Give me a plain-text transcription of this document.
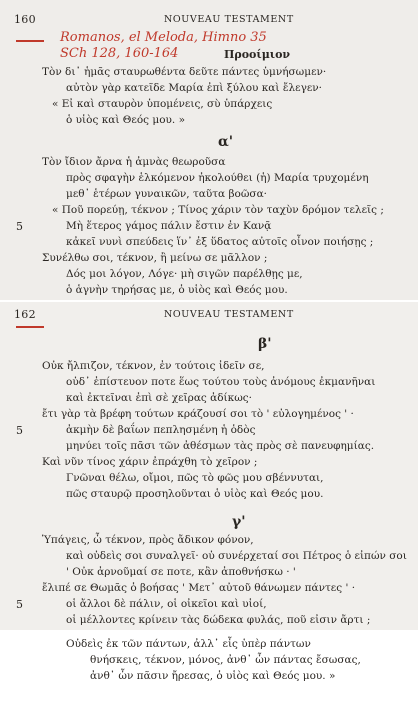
160	NOUVEAU TESTAMENT
Romanos, el Meloda, Himno 35
SCh 128, 160-164	Προοίμιον
Τὸν δι᾽ ἡμᾶς σταυρωθέντα δεῦτε πάντες ὑμνήσωμεν·
αὐτὸν γὰρ κατεῖδε Μαρία ἐπὶ ξύλου καὶ ἔλεγεν·
« Εἰ καὶ σταυρὸν ὑπομένεις, σὺ ὑπάρχεις
ὁ υἱὸς καὶ Θεός μου. »
α'
Τὸν ἴδιον ἄρνα ἡ ἀμνὰς θεωροῦσα
πρὸς σφαγὴν ἑλκόμενον ἠκολούθει (ἡ) Μαρία τρυχομένη
μεθ᾽ ἑτέρων γυναικῶν, ταῦτα βοῶσα·
« Ποῦ πορεύῃ, τέκνον ; Τίνος χάριν τὸν ταχὺν δρόμον τελεῖς ;
Μὴ ἕτερος γάμος πάλιν ἔστιν ἐν Κανᾷ
5
κἀκεῖ νυνὶ σπεύδεις ἵν᾽ ἐξ ὕδατος αὐτοῖς οἶνον ποιήσῃς ;
Συνέλθω σοι, τέκνον, ἢ μείνω σε μᾶλλον ;
Δός μοι λόγον, Λόγε· μὴ σιγῶν παρέλθῃς με,
ὁ ἁγνὴν τηρήσας με, ὁ υἱὸς καὶ Θεός μου.
162	NOUVEAU TESTAMENT
β'
Οὐκ ἤλπιζον, τέκνον, ἐν τούτοις ἰδεῖν σε,
οὐδ᾽ ἐπίστευον ποτε ἕως τούτου τοὺς ἀνόμους ἐκμανῆναι
καὶ ἐκτεῖναι ἐπὶ σὲ χεῖρας ἀδίκως·
ἔτι γὰρ τὰ βρέφη τούτων κράζουσί σοι τὸ ' εὐλογημένος ' ·
ἀκμὴν δὲ βαΐων πεπλησμένη ἡ ὁδὸς
5
μηνύει τοῖς πᾶσι τῶν ἀθέσμων τὰς πρὸς σὲ πανευφημίας.
Καὶ νῦν τίνος χάριν ἐπράχθη τὸ χεῖρον ;
Γνῶναι θέλω, οἴμοι, πῶς τὸ φῶς μου σβέννυται,
πῶς σταυρῷ προσηλοῦνται ὁ υἱὸς καὶ Θεός μου.
γ'
Ὑπάγεις, ὦ τέκνον, πρὸς ἄδικον φόνον,
καὶ οὐδεὶς σοι συναλγεῖ· οὐ συνέρχεταί σοι Πέτρος ὁ εἰπών σοι
' Οὐκ ἀρνοῦμαί σε ποτε, κἂν ἀποθνήσκω · '
ἔλιπέ σε Θωμᾶς ὁ βοήσας ' Μετ᾽ αὐτοῦ θάνωμεν πάντες ' ·
οἱ ἄλλοι δὲ πάλιν, οἱ οἰκεῖοι καὶ υἱοί,
5
οἱ μέλλοντες κρίνειν τὰς δώδεκα φυλάς, ποῦ εἰσιν ἄρτι ;
Οὐδεὶς ἐκ τῶν πάντων, ἀλλ᾽ εἷς ὑπὲρ πάντων
θνήσκεις, τέκνον, μόνος, ἀνθ᾽ ὧν πάντας ἔσωσας,
ἀνθ᾽ ὧν πᾶσιν ἤρεσας, ὁ υἱὸς καὶ Θεός μου. »
